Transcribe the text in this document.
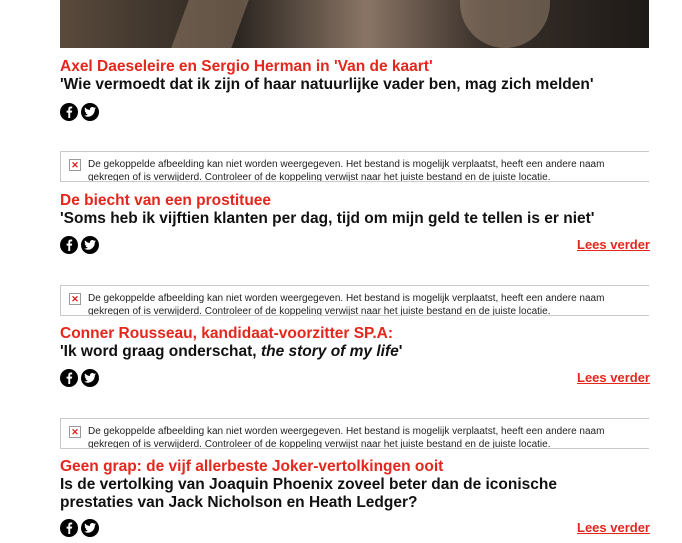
Axel Daeseleire en Sergio Herman in 'Van de kaart'

'Wie vermoedt dat ik zijn of haar natuurlijke vader ben, mag zich melden'

✕ De gekoppelde afbeelding kan niet worden weergegeven. Het bestand is mogelijk verplaatst, heeft een andere naam gekregen of is verwijderd. Controleer of de koppeling verwijst naar het juiste bestand en de juiste locatie.

De biecht van een prostituee

'Soms heb ik vijftien klanten per dag, tijd om mijn geld te tellen is er niet'

Lees verder
✕ De gekoppelde afbeelding kan niet worden weergegeven. Het bestand is mogelijk verplaatst, heeft een andere naam gekregen of is verwijderd. Controleer of de koppeling verwijst naar het juiste bestand en de juiste locatie.

Conner Rousseau, kandidaat-voorzitter SP.A:

'Ik word graag onderschat, the story of my life'

Lees verder
✕ De gekoppelde afbeelding kan niet worden weergegeven. Het bestand is mogelijk verplaatst, heeft een andere naam gekregen of is verwijderd. Controleer of de koppeling verwijst naar het juiste bestand en de juiste locatie.

Geen grap: de vijf allerbeste Joker-vertolkingen ooit

Is de vertolking van Joaquin Phoenix zoveel beter dan de iconische prestaties van Jack Nicholson en Heath Ledger?

Lees verder
